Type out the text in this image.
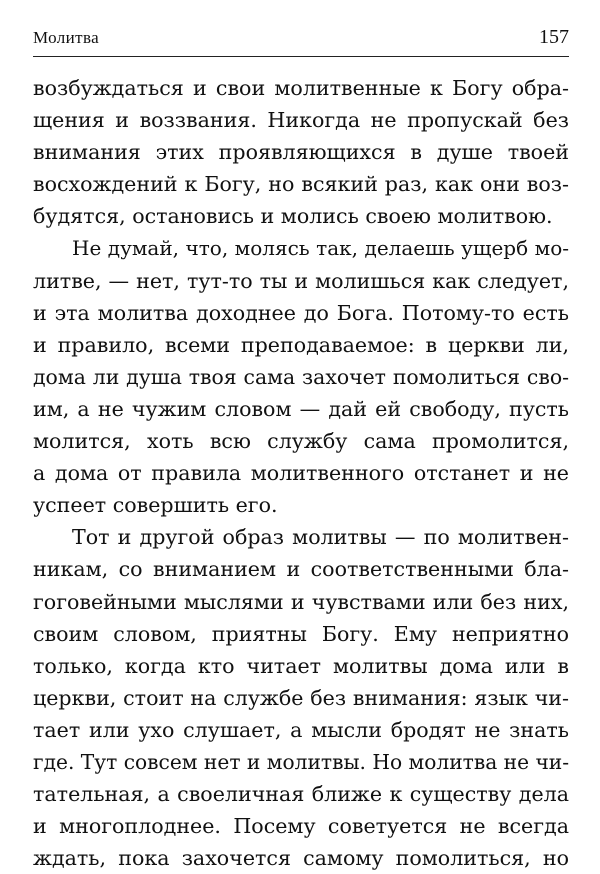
Молитва	157
возбуждаться и свои молитвенные к Богу обра-
щения и воззвания. Никогда не пропускай без
внимания этих проявляющихся в душе твоей
восхождений к Богу, но всякий раз, как они воз-
будятся, остановись и молись своею молитвою.
Не думай, что, молясь так, делаешь ущерб мо-
литве, — нет, тут-то ты и молишься как следует,
и эта молитва доходнее до Бога. Потому-то есть
и правило, всеми преподаваемое: в церкви ли,
дома ли душа твоя сама захочет помолиться сво-
им, а не чужим словом — дай ей свободу, пусть
молится, хоть всю службу сама промолится,
а дома от правила молитвенного отстанет и не
успеет совершить его.
Тот и другой образ молитвы — по молитвен-
никам, со вниманием и соответственными бла-
гоговейными мыслями и чувствами или без них,
своим словом, приятны Богу. Ему неприятно
только, когда кто читает молитвы дома или в
церкви, стоит на службе без внимания: язык чи-
тает или ухо слушает, а мысли бродят не знать
где. Тут совсем нет и молитвы. Но молитва не чи-
тательная, а своеличная ближе к существу дела
и многоплоднее. Посему советуется не всегда
ждать, пока захочется самому помолиться, но
